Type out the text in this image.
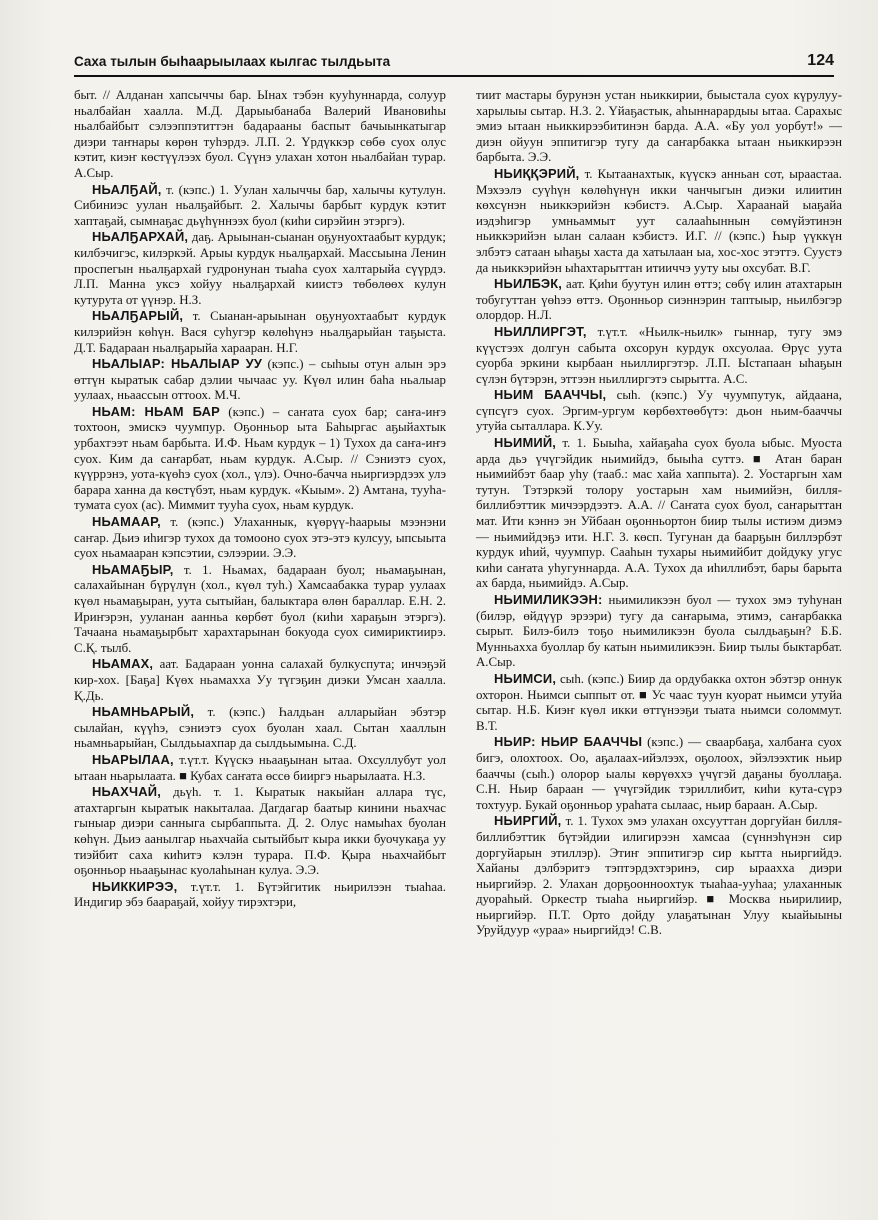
Саха тылын быһаарыылаах кылгас тылдьыта	124

быт. // Алданан хапсыччы бар. Ынах тэбэн кууһуннарда, солуур ньалбайан хаалла. М.Д. Дарыыбанаба Валерий Ивановиһы ньалбайбыт сэлээппэтиттэн бадарааны баспыт бачыынкатыгар диэри таҥнары көрөн туһэрдэ. Л.П. 2. Үрдүккэр сөбө суох олус кэтит, киэҥ көстүүлээх буол. Сүүнэ улахан хотон ньалбайан турар. А.Сыр.

НЬАЛҔАЙ, т. (кэпс.) 1. Уулан халыччы бар, халычы кутулун. Сибиниэс уулан ньалҕайбыт. 2. Халычы барбыт курдук кэтит хаптаҕай, сымнаҕас дьүһүннээх буол (киһи сирэйин этэргэ).

НЬАЛҔАРХАЙ, даҕ. Арыынан-сыанан оҕунуохтаабыт курдук; килбэчигэс, килэркэй. Арыы курдук ньалҕархай. Массыына Ленин проспегын ньалҕархай гудронунан тыаһа суох халтарыйа сүүрдэ. Л.П. Манна уксэ хойуу ньалҕархай киистэ төбөлөөх кулун кутурута от үүнэр. Н.З.

НЬАЛҔАРЫЙ, т. Сыанан-арыынан оҕунуохтаабыт курдук килэрийэн көһүн. Вася суһугэр көлөһүнэ ньалҕарыйан таҕыста. Д.Т. Бадараан ньалҕарыйа харааран. Н.Г.

НЬАЛЫАР: НЬАЛЫАР УУ (кэпс.) – сыһыы отун алын эрэ өттүн кыратык сабар дэлии чычаас уу. Күөл илин баһа ньалыар уулаах, ньаассын оттоох. М.Ч.

НЬАМ: НЬАМ БАР (кэпс.) – саҥата суох бар; саҥа-иҥэ тохтоон, эмискэ чуумпур. Оҕонньор ыта Баһыргас аҕыйахтык урбахтээт ньам барбыта. И.Ф. Ньам курдук – 1) Тухох да саҥа-иҥэ суох. Ким да саҥарбат, ньам курдук. А.Сыр. // Сэниэтэ суох, күүррэнэ, уота-күөһэ суох (хол., үлэ). Очно-бачча ньиргиэрдээх улэ барара ханна да көстүбэт, ньам курдук. «Кыым». 2) Амтана, тууһа-тумата суох (ас). Миммит тууһа суох, ньам курдук.

НЬАМААР, т. (кэпс.) Улаханнык, күөрүү-һаарыы мээнэни саҥар. Дьиэ иһигэр тухох да томооно суох этэ-этэ кулсуу, ыпсыыта суох ньамааран кэпсэтии, сэлээрии. Э.Э.

НЬАМАҔЫР, т. 1. Ньамах, бадараан буол; ньамаҕынан, салахайынан бүрүлүн (хол., күөл туһ.) Хамсаабакка турар уулаах күөл ньамаҕыран, уута сытыйан, балыктара өлөн бараллар. Е.Н. 2. Ириҥэрэн, ууланан аанньа көрбөт буол (киһи хараҕын этэргэ). Тачаана ньамаҕырбыт харахтарынан бокуода суох симириктиирэ. С.Қ. тылб.

НЬАМАХ, аат. Бадараан уонна салахай булкуспута; инчэҕэй кир-хох. [Баҕа] Күөх ньамахха Уу түгэҕин диэки Умсан хаалла. Қ.Дь.

НЬАМНЬАРЫЙ, т. (кэпс.) Һалдьан алларыйан эбэтэр сылайан, күүһэ, сэниэтэ суох буолан хаал. Сытан хааллын ньамньарыйан, Сылдьыахпар да сылдьымына. С.Д.

НЬАРЫЛАА, т.үт.т. Күүскэ ньааҕынан ытаа. Охсуллубут уол ытаан ньарылаата. ■ Кубах саҥата өссө бииргэ ньарылаата. Н.З.

НЬАХЧАЙ, дьүһ. т. 1. Кыратык накыйан аллара түс, атахтаргын кыратык накыталаа. Дагдагар баатыр кинини ньахчас гыныар диэри санныга сырбаппыта. Д. 2. Олус намыһах буолан көһүн. Дьиэ аанылгар ньахчайа сытыйбыт кыра икки буочукаҕа уу тиэйбит саха киһитэ кэлэн турара. П.Ф. Қыра ньахчайбыт оҕонньор ньааҕынас куолаһынан кулуа. Э.Э.

НЬИККИРЭЭ, т.үт.т. 1. Бүтэйгитик ньирилээн тыаһаа. Индигир эбэ баараҕай, хойуу тирэхтэри,

тиит мастары бурунэн устан ньиккирии, быыстала суох күрулуу-харылыы сытар. Н.З. 2. Үйаҕастык, аһыннарардыы ытаа. Сарахыс эмиэ ытаан ньиккирээбитинэн барда. А.А. «Бу уол уорбут!» — диэн ойуун эппитигэр тугу да саҥарбакка ытаан ньиккирээн барбыта. Э.Э.

НЬИҚҚЭРИЙ, т. Кытаанахтык, күүскэ анньан сот, ыраастаа. Мэхээлэ суүһүн көлөһүнүн икки чанчыгын диэки илиитин көхсүнэн ньиккэрийэн кэбистэ. А.Сыр. Хараанай ыаҕайа иэдэһигэр умньаммыт уут салааһыннын сөмүйэтинэн ньиккэрийэн ылан салаан кэбистэ. И.Г. // (кэпс.) Һыр үүккүн элбэтэ сатаан ыһаҕы хаста да хатылаан ыа, хос-хос этэттэ. Суустэ да ньиккэрийэн ыһахтарыттан итииччэ ууту ыы охсубат. В.Г.

НЬИЛБЭК, аат. Қиһи буутун илин өттэ; сөбү илин атахтарын тобугуттан үөһээ өттэ. Оҕонньор сиэннэрин таптыыр, ньилбэгэр олордор. Н.Л.

НЬИЛЛИРГЭТ, т.үт.т. «Ньилк-ньилк» гыннар, тугу эмэ күүстээх долгун сабыта охсорун курдук охсуолаа. Өрүс уута суорба эркини кырбаан ньиллиргэтэр. Л.П. Ыстапаан ыһаҕын сүлэн бүтэрэн, эттээн ньиллиргэтэ сырытта. А.С.

НЬИМ БААЧЧЫ, сыһ. (кэпс.) Уу чуумпутук, айдаана, сүпсүгэ суох. Эргим-ургум көрбөхтөөбүтэ: дьон ньим-бааччы утуйа сыталлара. К.Уу.

НЬИМИЙ, т. 1. Быыһа, хайаҕаһа суох буола ыбыс. Муоста арда дьэ үчүгэйдик ньимийдэ, быыһа суттэ. ■ Атан баран ньимийбэт баар уһу (тааб.: мас хайа хаппыта). 2. Уостаргын хам тутун. Тэтэркэй толору уостарын хам ньимийэн, билля-биллибэттик мичээрдээтэ. А.А. // Саҥата суох буол, саҥарыттан мат. Ити кэннэ эн Уйбаан оҕонньортон биир тылы истиэм диэмэ — ньимийдэҕэ ити. Н.Г. 3. көсп. Тугунан да баарҕын биллэрбэт курдук иһий, чуумпур. Сааһын тухары ньимийбит дойдуку угус киһи саҥата уһугуннарда. А.А. Тухох да иһиллибэт, бары барыта ах барда, ньимийдэ. А.Сыр.

НЬИМИЛИКЭЭН: ньимиликээн буол — тухох эмэ туһунан (билэр, өйдүүр эрээри) тугу да саҥарыма, этимэ, саҥарбакка сырыт. Билэ-билэ тоҕо ньимиликээн буола сылдьаҕын? Б.Б. Мунньахха буоллар бу катын ньимиликээн. Биир тылы быктарбат. А.Сыр.

НЬИМСИ, сыһ. (кэпс.) Биир да ордубакка охтон эбэтэр оннук охторон. Ньимси сыппыт от. ■ Ус чаас туун куорат ньимси утуйа сытар. Н.Б. Киэҥ күөл икки өттүнээҕи тыата ньимси соломмут. В.Т.

НЬИР: НЬИР БААЧЧЫ (кэпс.) — сваарбаҕа, халбаҥа суох бигэ, олохтоох. Оо, аҕалаах-ийэлээх, оҕолоох, эйэлээхтик ньир бааччы (сыһ.) олорор ыалы көрүөххэ үчүгэй даҕаны буоллаҕа. С.Н. Ньир бараан — үчүгэйдик тэриллибит, киһи кута-сүрэ тохтуур. Букай оҕонньор ураһата сылаас, ньир бараан. А.Сыр.

НЬИРГИЙ, т. 1. Тухох эмэ улахан охсууттан доргуйан билля-биллибэттик бүтэйдии илигирээн хамсаа (сүннэһүнэн сир доргуйарын этиллэр). Этиҥ эппитигэр сир кытта ньиргийдэ. Хайаны дэлбэритэ тэптэрдэхтэринэ, сир ыраахха диэри ньиргийэр. 2. Улахан дорҕоонноохтук тыаһаа-ууһаа; улаханнык дуораһый. Оркестр тыаһа ньиргийэр. ■ Москва ньирилиир, ньиргийэр. П.Т. Орто дойду улаҕатынан Улуу кыайыыны Уруйдуур «ураа» ньиргийдэ! С.В.
